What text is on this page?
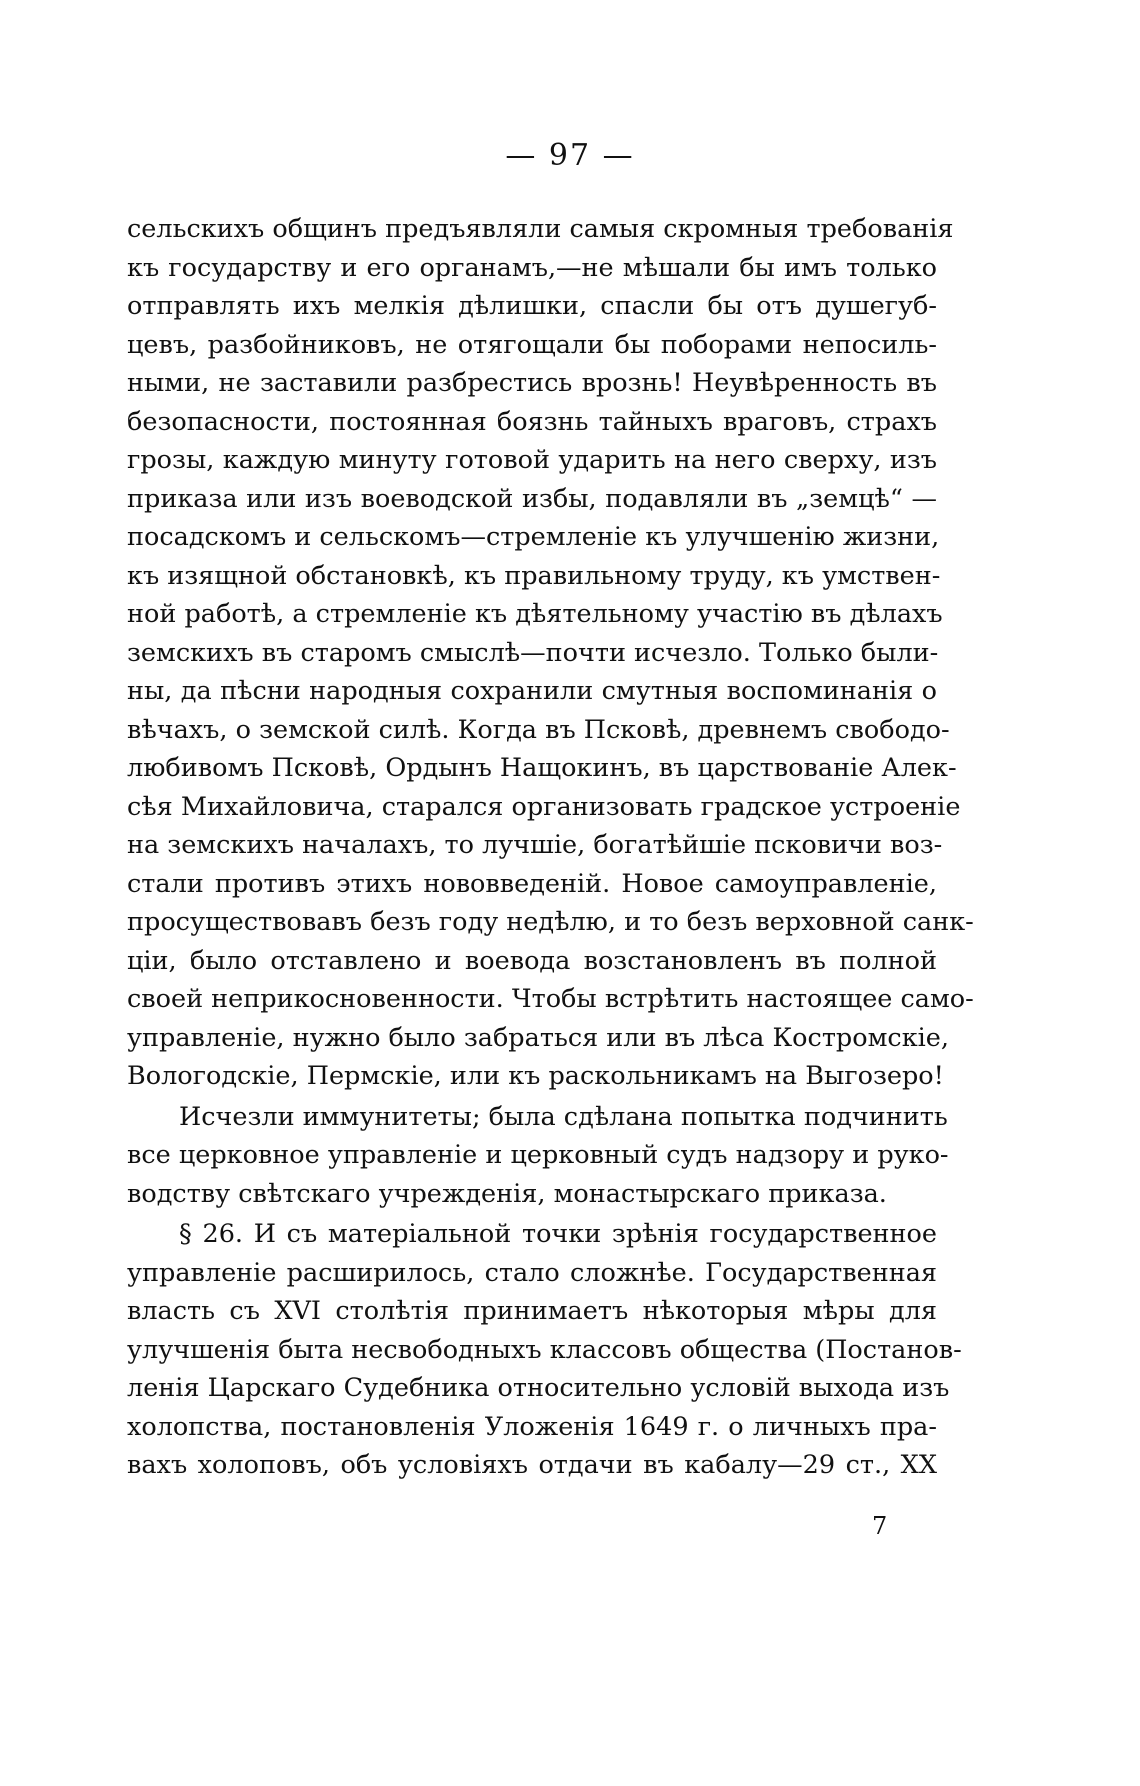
— 97 —
сельскихъ общинъ предъявляли самыя скромныя требованія
къ государству и его органамъ,—не мѣшали бы имъ только
отправлять ихъ мелкія дѣлишки, спасли бы отъ душегуб-
цевъ, разбойниковъ, не отягощали бы поборами непосиль-
ными, не заставили разбрестись врознь! Неувѣренность въ
безопасности, постоянная боязнь тайныхъ враговъ, страхъ
грозы, каждую минуту готовой ударить на него сверху, изъ
приказа или изъ воеводской избы, подавляли въ „земцѣ“ —
посадскомъ и сельскомъ—стремленіе къ улучшенію жизни,
къ изящной обстановкѣ, къ правильному труду, къ умствен-
ной работѣ, а стремленіе къ дѣятельному участію въ дѣлахъ
земскихъ въ старомъ смыслѣ—почти исчезло. Только были-
ны, да пѣсни народныя сохранили смутныя воспоминанія о
вѣчахъ, о земской силѣ. Когда въ Псковѣ, древнемъ свободо-
любивомъ Псковѣ, Ордынъ Нащокинъ, въ царствованіе Алек-
сѣя Михайловича, старался организовать градское устроеніе
на земскихъ началахъ, то лучшіе, богатѣйшіе псковичи воз-
стали противъ этихъ нововведеній. Новое самоуправленіе,
просуществовавъ безъ году недѣлю, и то безъ верховной санк-
ціи, было отставлено и воевода возстановленъ въ полной
своей неприкосновенности. Чтобы встрѣтить настоящее само-
управленіе, нужно было забраться или въ лѣса Костромскіе,
Вологодскіе, Пермскіе, или къ раскольникамъ на Выгозеро!
Исчезли иммунитеты; была сдѣлана попытка подчинить
все церковное управленіе и церковный судъ надзору и руко-
водству свѣтскаго учрежденія, монастырскаго приказа.
§ 26. И съ матеріальной точки зрѣнія государственное
управленіе расширилось, стало сложнѣе. Государственная
власть съ XVI столѣтія принимаетъ нѣкоторыя мѣры для
улучшенія быта несвободныхъ классовъ общества (Постанов-
ленія Царскаго Судебника относительно условій выхода изъ
холопства, постановленія Уложенія 1649 г. о личныхъ пра-
вахъ холоповъ, объ условіяхъ отдачи въ кабалу—29 ст., XX
7
